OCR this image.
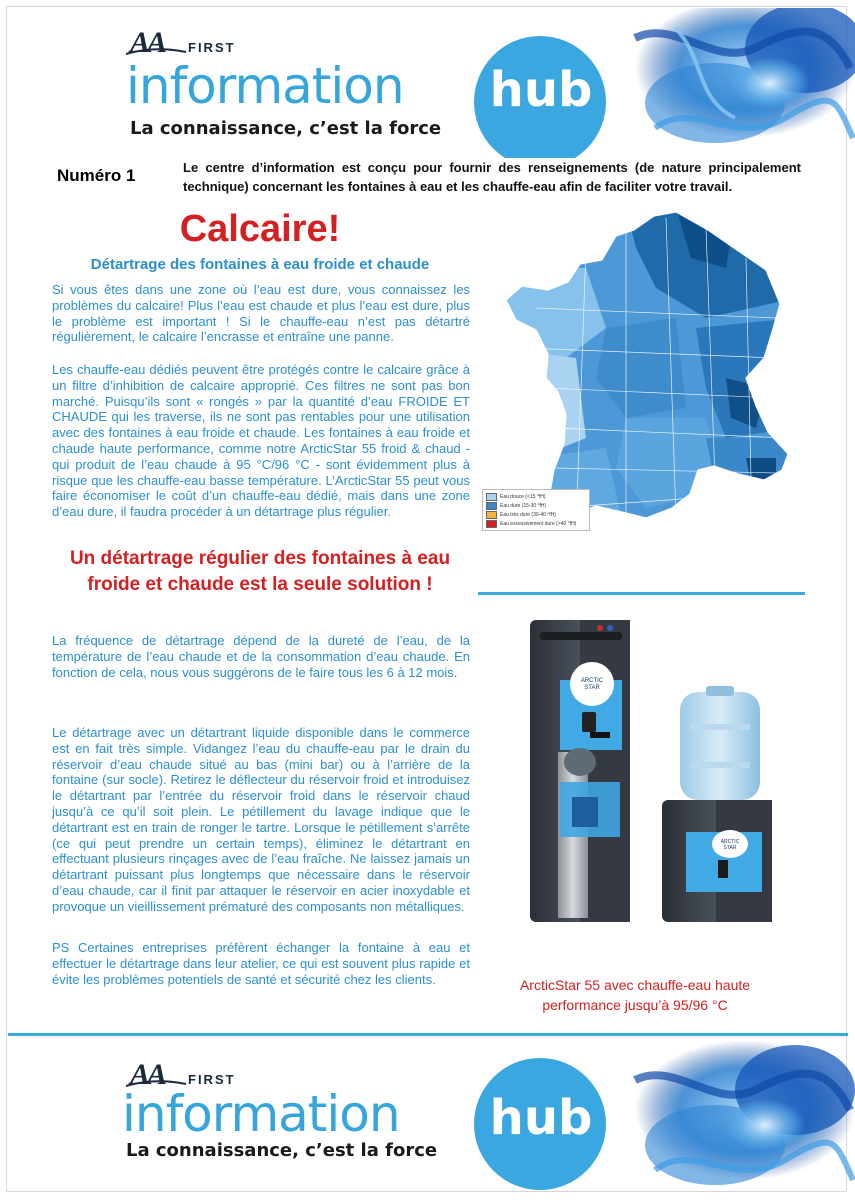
AA FIRST
information hub
La connaissance, c’est la force
Numéro 1	Le centre d’information est conçu pour fournir des renseignements (de nature principalement technique) concernant les fontaines à eau et les chauffe-eau afin de faciliter votre travail.
Calcaire!
Détartrage des fontaines à eau froide et chaude

Si vous êtes dans une zone où l’eau est dure, vous connaissez les problèmes du calcaire! Plus l’eau est chaude et plus l’eau est dure, plus le problème est important ! Si le chauffe-eau n’est pas détartré régulièrement, le calcaire l’encrasse et entraîne une panne.

Les chauffe-eau dédiés peuvent être protégés contre le calcaire grâce à un filtre d’inhibition de calcaire approprié. Ces filtres ne sont pas bon marché. Puisqu’ils sont « rongés » par la quantité d’eau FROIDE ET CHAUDE qui les traverse, ils ne sont pas rentables pour une utilisation avec des fontaines à eau froide et chaude. Les fontaines à eau froide et chaude haute performance, comme notre ArcticStar 55 froid & chaud - qui produit de l’eau chaude à 95 °C/96 °C - sont évidemment plus à risque que les chauffe-eau basse température. L’ArcticStar 55 peut vous faire économiser le coût d’un chauffe-eau dédié, mais dans une zone d’eau dure, il faudra procéder à un détartrage plus régulier.

Un détartrage régulier des fontaines à eau froide et chaude est la seule solution !

La fréquence de détartrage dépend de la dureté de l’eau, de la température de l’eau chaude et de la consommation d’eau chaude. En fonction de cela, nous vous suggérons de le faire tous les 6 à 12 mois.

Le détartrage avec un détartrant liquide disponible dans le commerce est en fait très simple. Vidangez l’eau du chauffe-eau par le drain du réservoir d’eau chaude situé au bas (mini bar) ou à l’arrière de la fontaine (sur socle). Retirez le déflecteur du réservoir froid et introduisez le détartrant par l’entrée du réservoir froid dans le réservoir chaud jusqu’à ce qu’il soit plein. Le pétillement du lavage indique que le détartrant est en train de ronger le tartre. Lorsque le pétillement s’arrête (ce qui peut prendre un certain temps), éliminez le détartrant en effectuant plusieurs rinçages avec de l’eau fraîche. Ne laissez jamais un détartrant puissant plus longtemps que nécessaire dans le réservoir d’eau chaude, car il finit par attaquer le réservoir en acier inoxydable et provoque un vieillissement prématuré des composants non métalliques.

PS Certaines entreprises préfèrent échanger la fontaine à eau et effectuer le détartrage dans leur atelier, ce qui est souvent plus rapide et évite les problèmes potentiels de santé et sécurité chez les clients.

Eau douce (<15 °fH)
Eau dure (15-30 °fH)
Eau très dure (30-40 °fH)
Eau excessivement dure (>40 °fH)
ARCTIC
STAR
ARCTIC
STAR
ArcticStar 55 avec chauffe-eau haute performance jusqu’à 95/96 °C
AA FIRST
information hub
La connaissance, c’est la force
